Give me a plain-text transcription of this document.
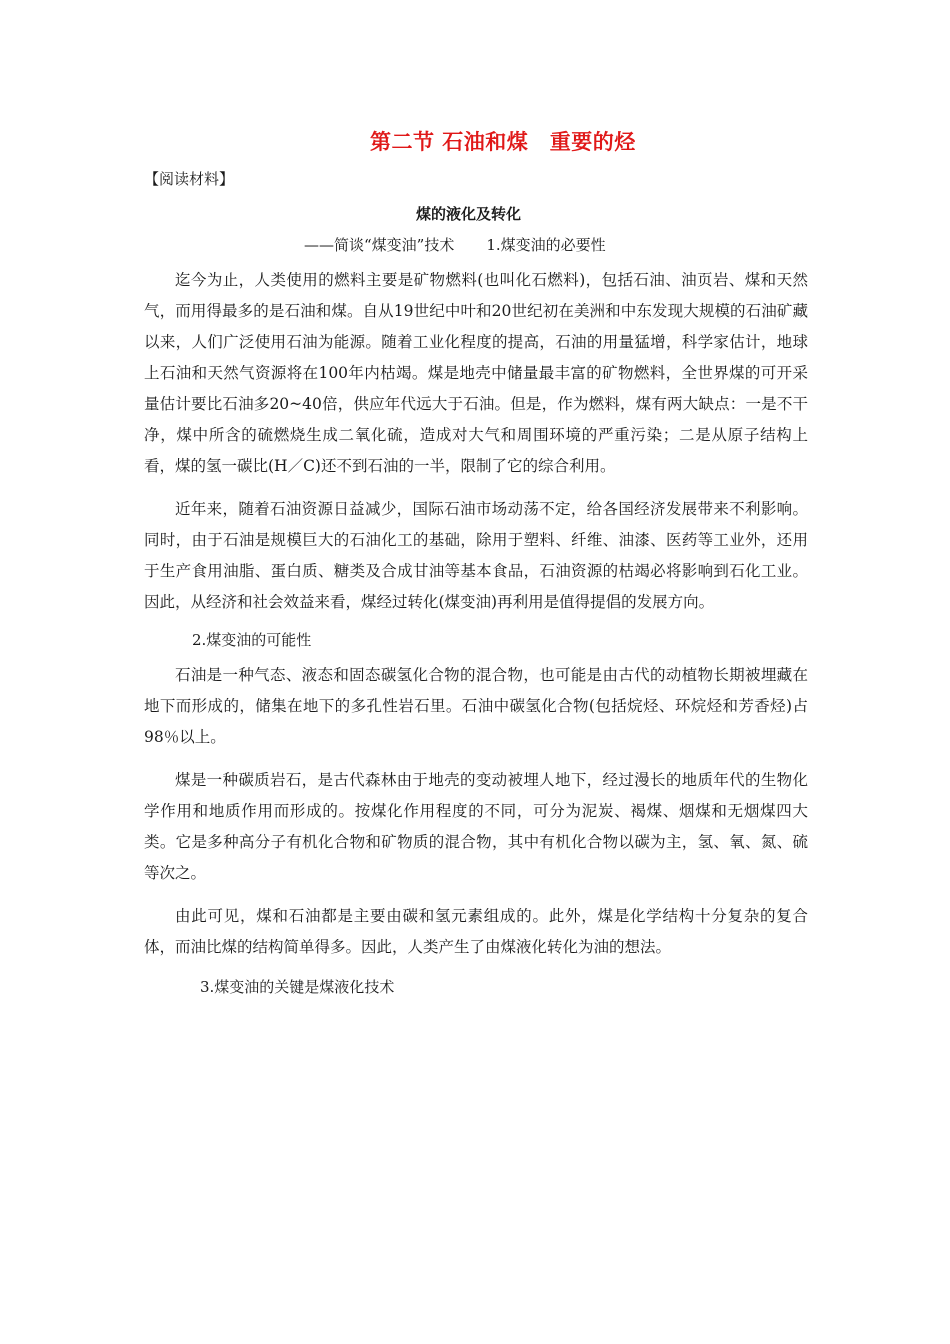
第二节 石油和煤　重要的烃
【阅读材料】
煤的液化及转化
——简谈“煤变油”技术 1.煤变油的必要性

迄今为止，人类使用的燃料主要是矿物燃料(也叫化石燃料)，包括石油、油页岩、煤和天然气，而用得最多的是石油和煤。自从19世纪中叶和20世纪初在美洲和中东发现大规模的石油矿藏以来，人们广泛使用石油为能源。随着工业化程度的提高，石油的用量猛增，科学家估计，地球上石油和天然气资源将在100年内枯竭。煤是地壳中储量最丰富的矿物燃料，全世界煤的可开采量估计要比石油多20~40倍，供应年代远大于石油。但是，作为燃料，煤有两大缺点：一是不干净，煤中所含的硫燃烧生成二氧化硫，造成对大气和周围环境的严重污染；二是从原子结构上看，煤的氢一碳比(H／C)还不到石油的一半，限制了它的综合利用。

近年来，随着石油资源日益减少，国际石油市场动荡不定，给各国经济发展带来不利影响。同时，由于石油是规模巨大的石油化工的基础，除用于塑料、纤维、油漆、医药等工业外，还用于生产食用油脂、蛋白质、糖类及合成甘油等基本食品，石油资源的枯竭必将影响到石化工业。因此，从经济和社会效益来看，煤经过转化(煤变油)再利用是值得提倡的发展方向。

2.煤变油的可能性

石油是一种气态、液态和固态碳氢化合物的混合物，也可能是由古代的动植物长期被埋藏在地下而形成的，储集在地下的多孔性岩石里。石油中碳氢化合物(包括烷烃、环烷烃和芳香烃)占98％以上。

煤是一种碳质岩石，是古代森林由于地壳的变动被埋人地下，经过漫长的地质年代的生物化学作用和地质作用而形成的。按煤化作用程度的不同，可分为泥炭、褐煤、烟煤和无烟煤四大类。它是多种高分子有机化合物和矿物质的混合物，其中有机化合物以碳为主，氢、氧、氮、硫等次之。

由此可见，煤和石油都是主要由碳和氢元素组成的。此外，煤是化学结构十分复杂的复合体，而油比煤的结构简单得多。因此，人类产生了由煤液化转化为油的想法。

3.煤变油的关键是煤液化技术
